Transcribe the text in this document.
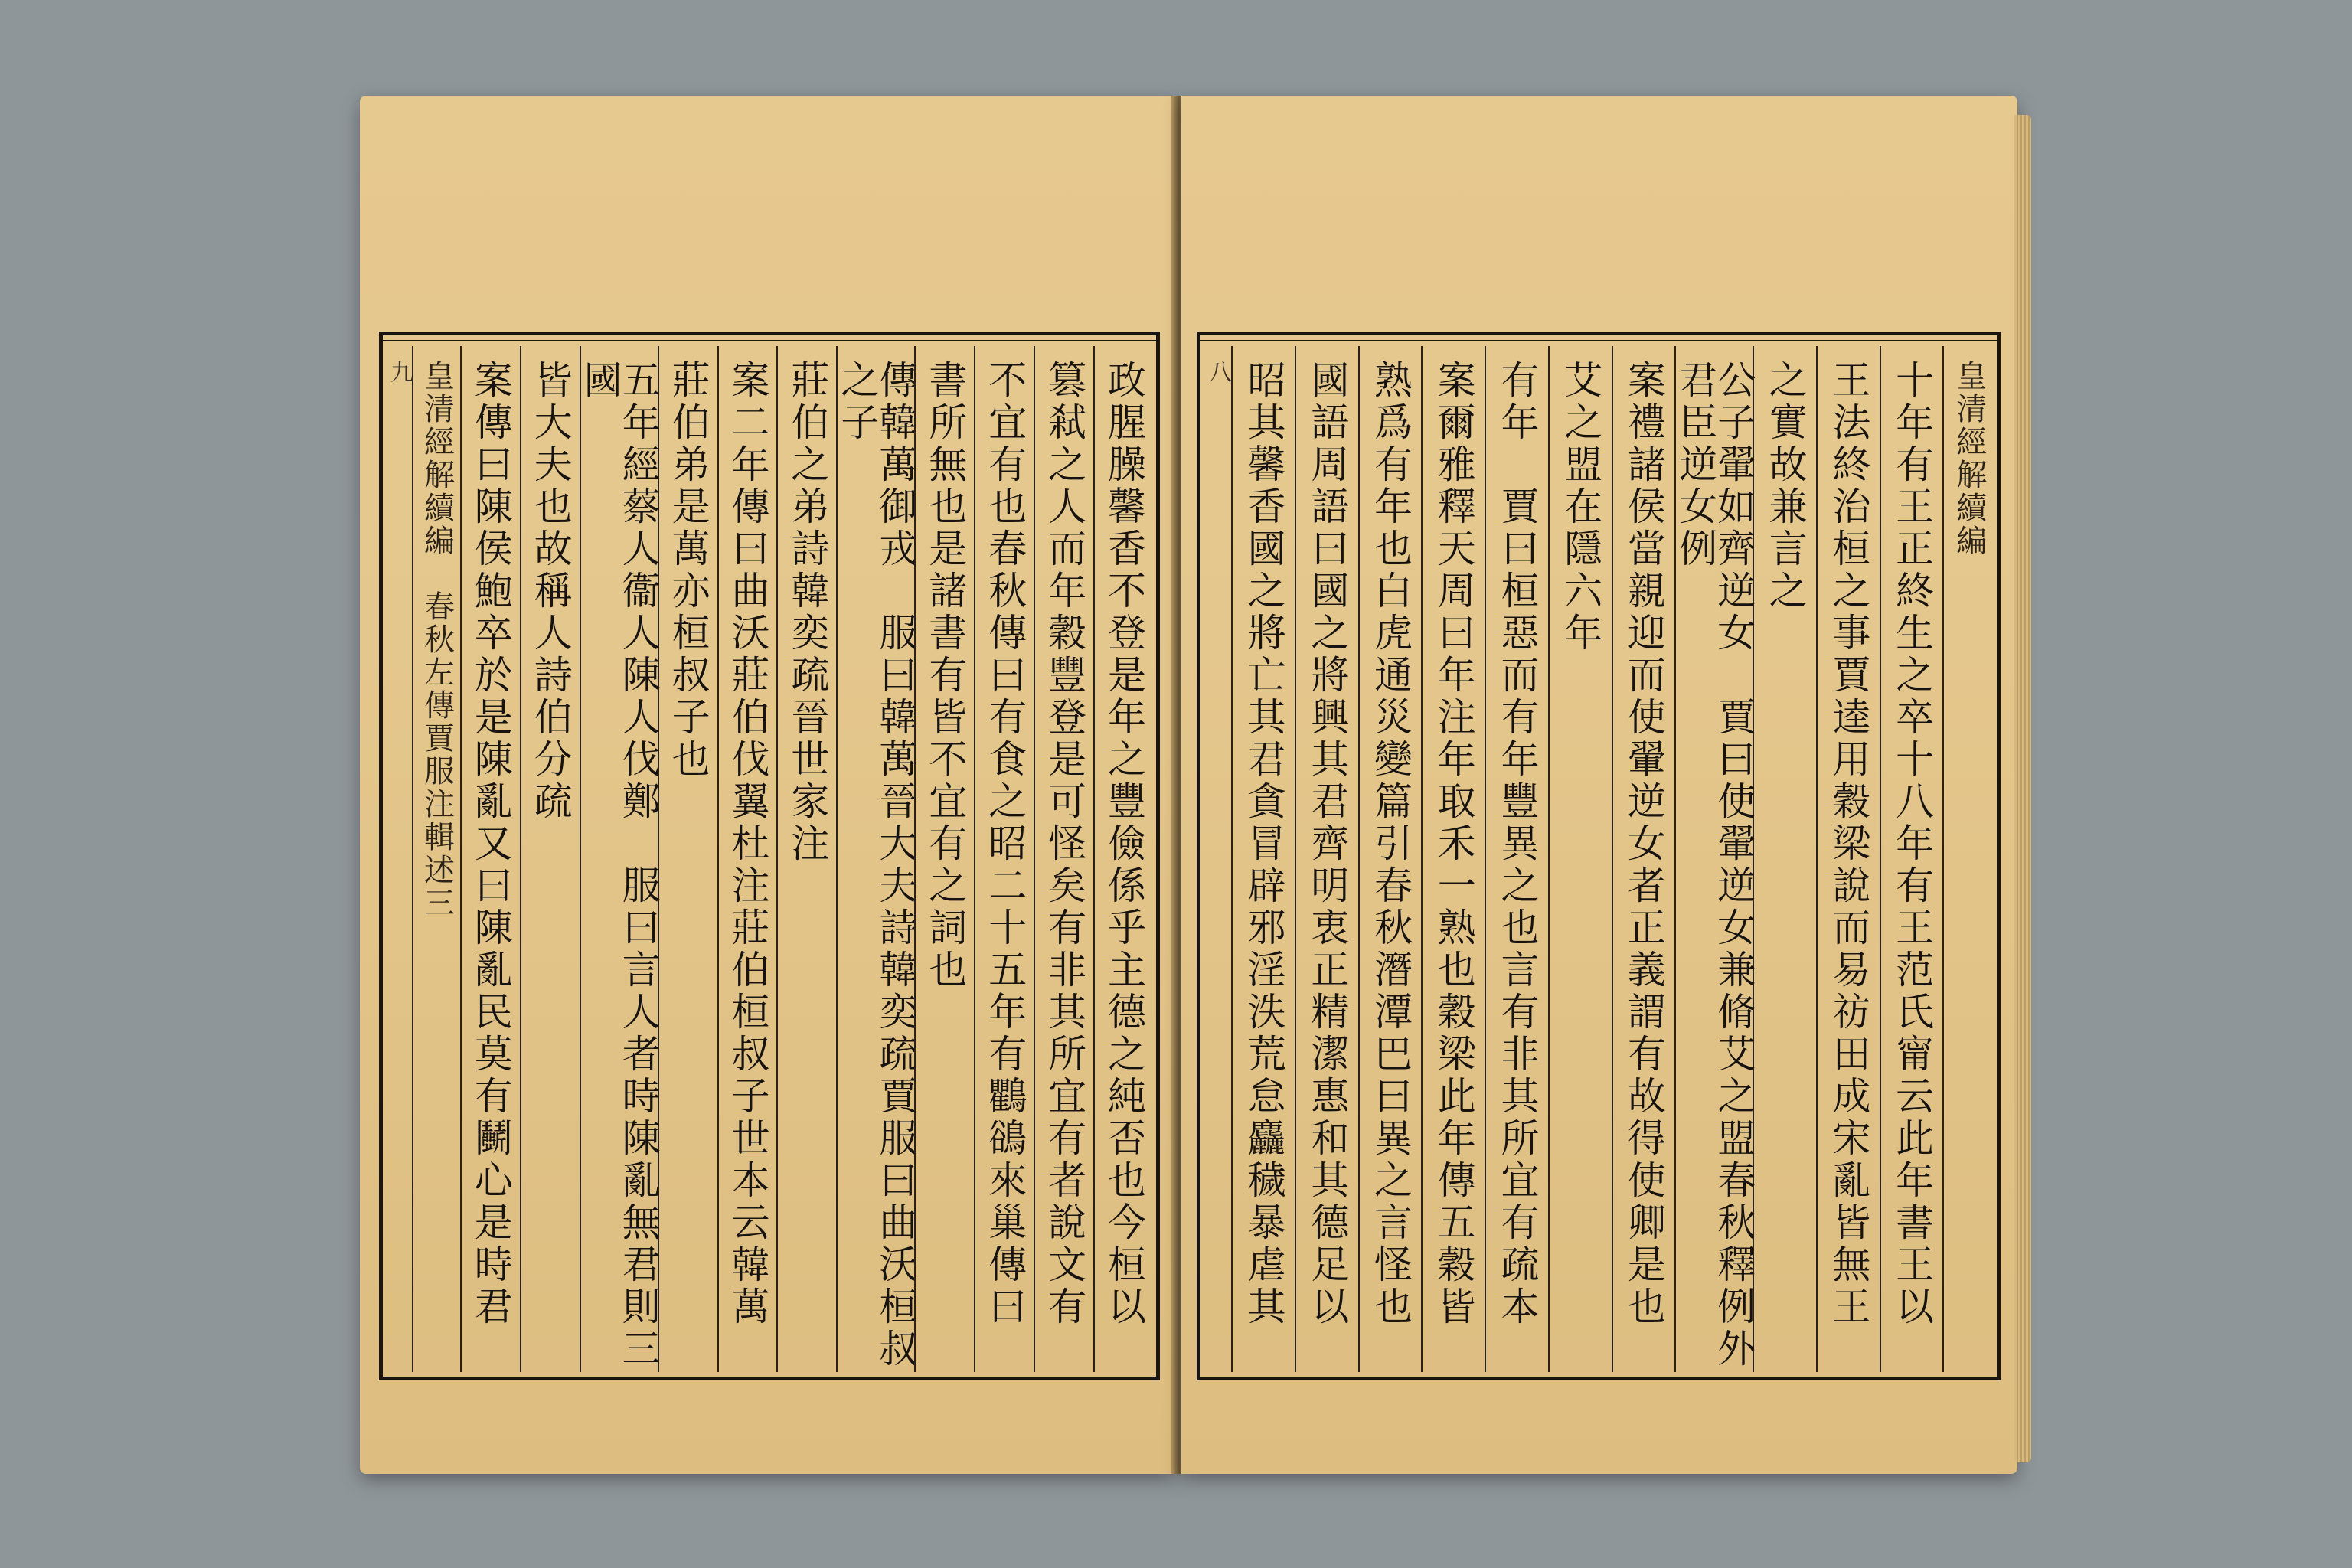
政腥臊馨香不登是年之豐儉係乎主德之純否也今桓以
篡弒之人而年穀豐登是可怪矣有非其所宜有者說文有
不宜有也春秋傳曰有食之昭二十五年有鸜鵒來巢傳曰
書所無也是諸書有皆不宜有之詞也
傳韓萬御戎　服曰韓萬晉大夫詩韓奕疏賈服曰曲沃桓叔之子
莊伯之弟詩韓奕疏晉世家注
案二年傳曰曲沃莊伯伐翼杜注莊伯桓叔子世本云韓萬
莊伯弟是萬亦桓叔子也
五年經蔡人衞人陳人伐鄭　服曰言人者時陳亂無君則三國
皆大夫也故稱人詩伯分疏
案傳曰陳侯鮑卒於是陳亂又曰陳亂民莫有鬭心是時君
皇清經解續編　春秋左傳賈服注輯述三
九	皇清經解續編
十年有王正終生之卒十八年有王范氏甯云此年書王以
王法終治桓之事賈逵用穀梁說而易祊田成宋亂皆無王
之實故兼言之
公子翬如齊逆女　賈曰使翬逆女兼脩艾之盟春秋釋例外君臣逆女例
案禮諸侯當親迎而使翬逆女者正義謂有故得使卿是也
艾之盟在隱六年
有年　賈曰桓惡而有年豐異之也言有非其所宜有疏本
案爾雅釋天周曰年注年取禾一熟也穀梁此年傳五穀皆
熟爲有年也白虎通災變篇引春秋潛潭巴曰異之言怪也
國語周語曰國之將興其君齊明衷正精潔惠和其德足以
昭其馨香國之將亡其君貪冒辟邪淫泆荒怠麤穢暴虐其
八
